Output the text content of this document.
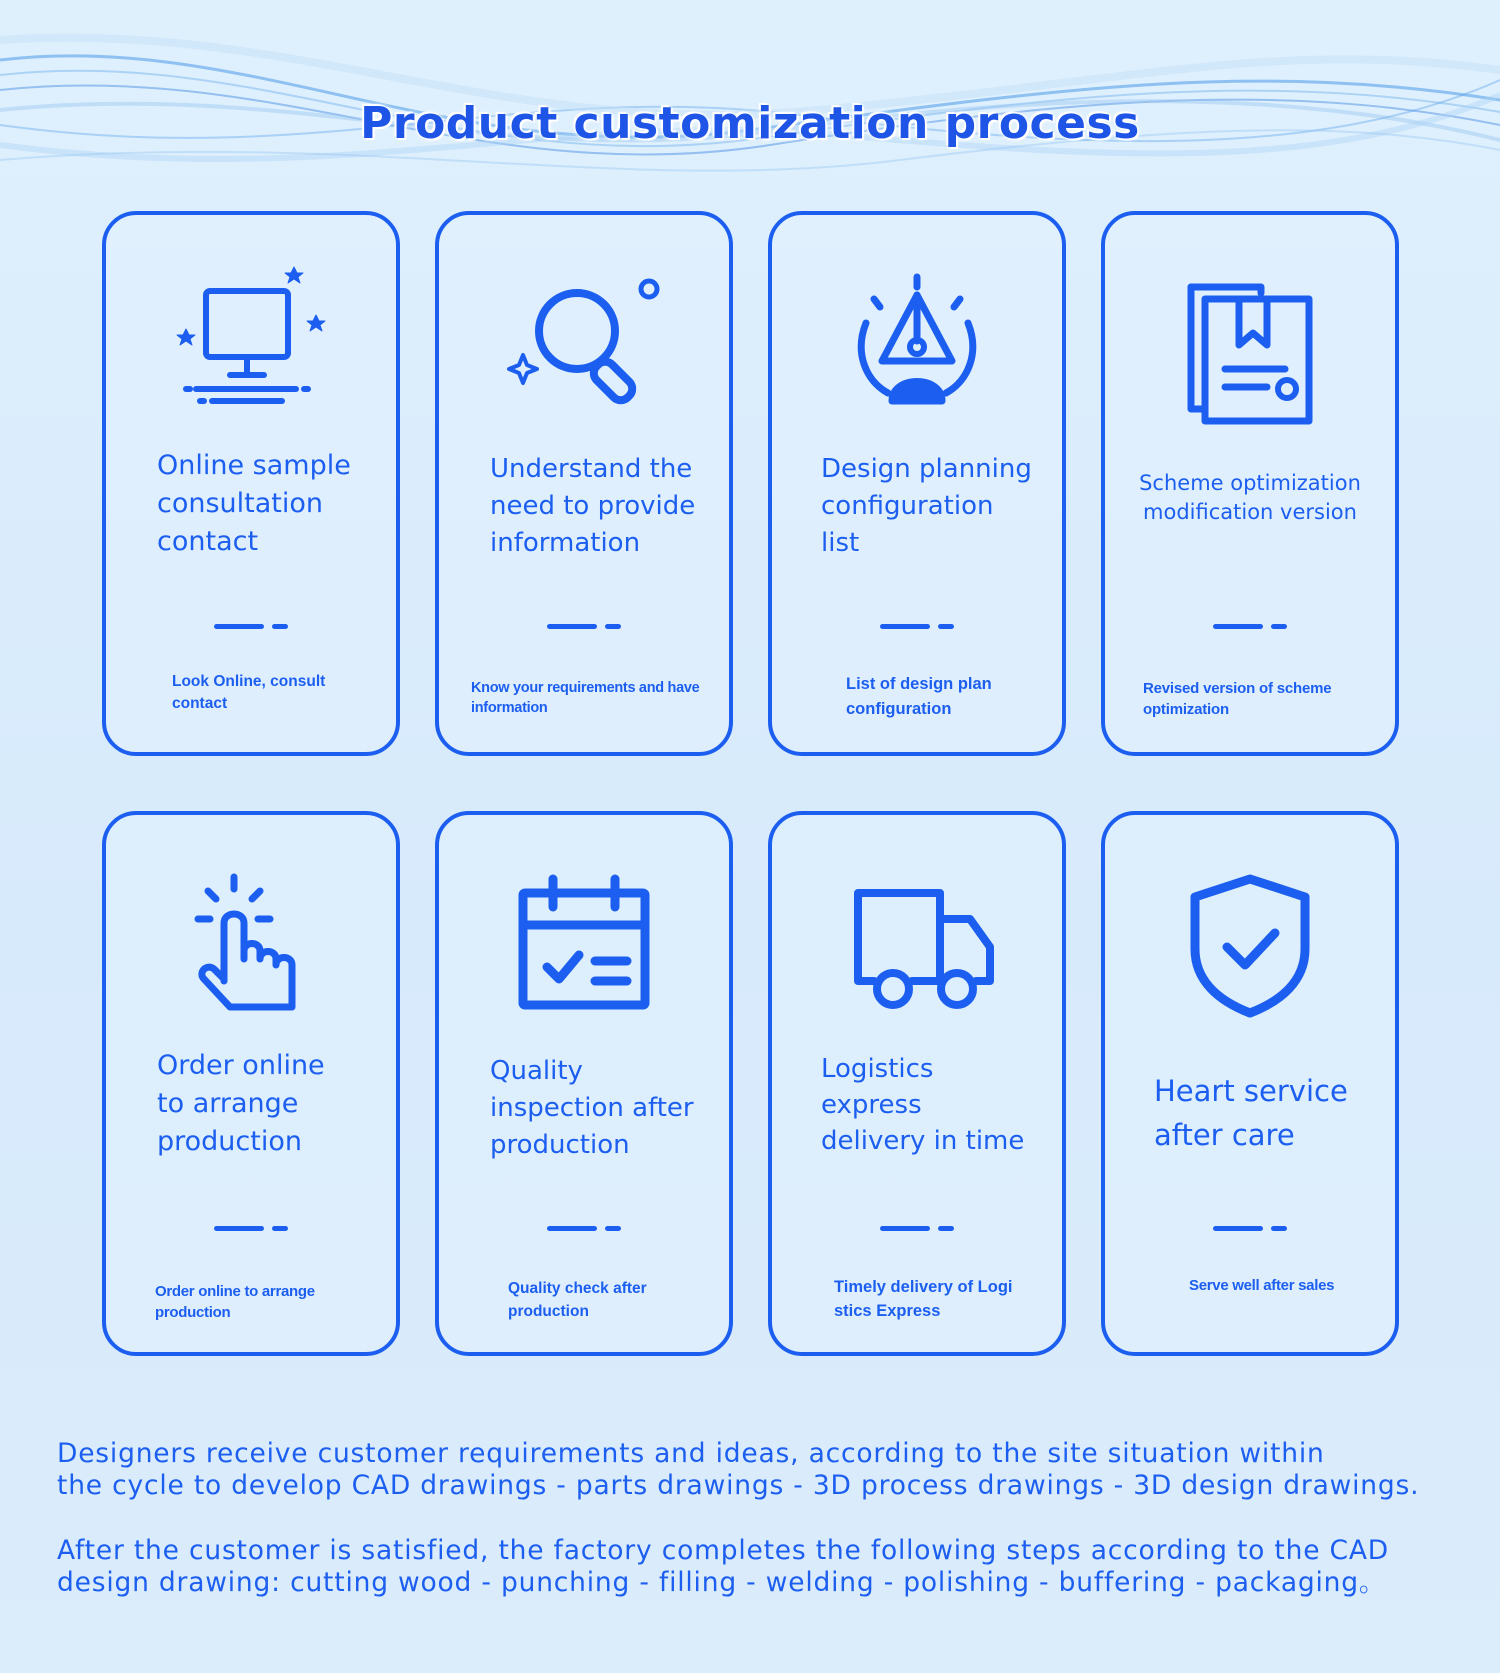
Product customization process
Online sample
consultation
contact
Look Online, consult
contact
Understand the
need to provide
information
Know your requirements and have
information
Design planning
configuration
list
List of design plan
configuration
Scheme optimization
modification version
Revised version of scheme
optimization
Order online
to arrange
production
Order online to arrange
production
Quality
inspection after
production
Quality check after
production
Logistics
express
delivery in time
Timely delivery of Logi
stics Express
Heart service
after care
Serve well after sales
Designers receive customer requirements and ideas, according to the site situation within
the cycle to develop CAD drawings - parts drawings - 3D process drawings - 3D design drawings.
After the customer is satisfied, the factory completes the following steps according to the CAD
design drawing: cutting wood - punching - filling - welding - polishing - buffering - packaging。
